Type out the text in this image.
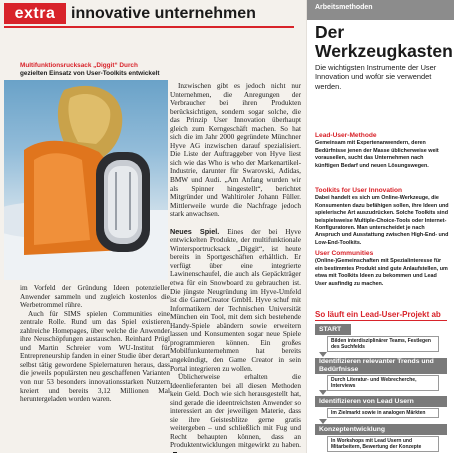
extra innovative unternehmen
Multifunktionsrucksack „Diggit“ Durch
gezielten Einsatz von User-Toolkits entwickelt

im Vorfeld der Gründung Ideen potenzieller Anwender sammeln und zugleich kostenlos die Werbetrommel rühre.

Auch für SIMS spielen Communities eine zentrale Rolle. Rund um das Spiel existieren zahlreiche Homepages, über welche die Anwender ihre Neuschöpfungen austauschen. Reinhard Prügl und Martin Schreier vom WU-Institut für Entrepreneurship fanden in einer Studie über derart selbst tätig gewordene Spielernaturen heraus, dass die jeweils populärsten neu geschaffenen Varianten von nur 53 besonders innovationsstarken Nutzern kreiert und bereits 3,12 Millionen Mal heruntergeladen worden waren.

Inzwischen gibt es jedoch nicht nur Unternehmen, die Anregungen der Verbraucher bei ihren Produkten berücksichtigen, sondern sogar solche, die das Prinzip User Innovation überhaupt gleich zum Kerngeschäft machen. So hat sich die im Jahr 2000 gegründete Münchner Hyve AG inzwischen darauf spezialisiert. Die Liste der Auftraggeber von Hyve liest sich wie das Who is who der Markenartikel-Industrie, darunter für Swarovski, Adidas, BMW und Audi. „Am Anfang wurden wir als Spinner hingestellt“, berichtet Mitgründer und Wahltiroler Johann Füller. Mittlerweile wurde die Nachfrage jedoch stark anwachsen.

Neues Spiel. Eines der bei Hyve entwickelten Produkte, der multifunktionale Wintersportrucksack „Diggit“, ist heute bereits in Sportgeschäften erhältlich. Er verfügt über eine integrierte Lawinenschaufel, die auch als Gepäckträger etwa für ein Snowboard zu gebrauchen ist. Die jüngste Neugründung im Hyve-Umfeld ist die GameCreator GmbH. Hyve schuf mit Informatikern der Technischen Universität München ein Tool, mit dem sich bestehende Handy-Spiele abändern sowie erweitern lassen und Konsumenten sogar neue Spiele programmieren können. Ein großes Mobilfunkunternehmen hat bereits angekündigt, den Game Creator in sein Portal integrieren zu wollen.

Üblicherweise erhalten die Ideenlieferanten bei all diesen Methoden kein Geld. Doch wie sich herausgestellt hat, sind gerade die ideentreichsten Anwender so interessiert an der jeweiligen Materie, dass sie ihre Geistesblitze gerne gratis weitergeben – und schließlich mit Fug und Recht behaupten können, dass an Produktentwicklungen mitgewirkt zu haben.

Arbeitsmethoden
Der Werkzeugkasten
Die wichtigsten Instrumente der User Innovation und wofür sie verwendet werden.
Lead-User-Methode

Gemeinsam mit Expertenanwendern, deren Bedürfnisse jenen der Masse üblicherweise weit vorauseilen, sucht das Unternehmen nach künftigen Bedarf und neuen Lösungswegen.

Toolkits for User Innovation

Dabei handelt es sich um Online-Werkzeuge, die Konsumenten dazu befähigen sollen, ihre Ideen und spielerische Art auszudrücken. Solche Toolkits sind beispielsweise Multiple-Choice-Tools oder Internet-Konfiguratoren. Man unterscheidet je nach Anspruch und Ausstattung zwischen High-End- und Low-End-Toolkits.

User Communities

(Online-)Gemeinschaften mit Spezialinteresse für ein bestimmtes Produkt sind gute Anlaufstellen, um etwa mit Toolkits Ideen zu bekommen und Lead User ausfindig zu machen.

So läuft ein Lead-User-Projekt ab
START
Bilden interdisziplinärer Teams, Festlegen des Suchfelds
Identifizieren relevanter Trends und Bedürfnisse
Durch Literatur- und Webrecherche, Interviews
Identifizieren von Lead Usern
Im Zielmarkt sowie in analogen Märkten
Konzeptentwicklung
In Workshops mit Lead Usern und Mitarbeitern, Bewertung der Konzepte
